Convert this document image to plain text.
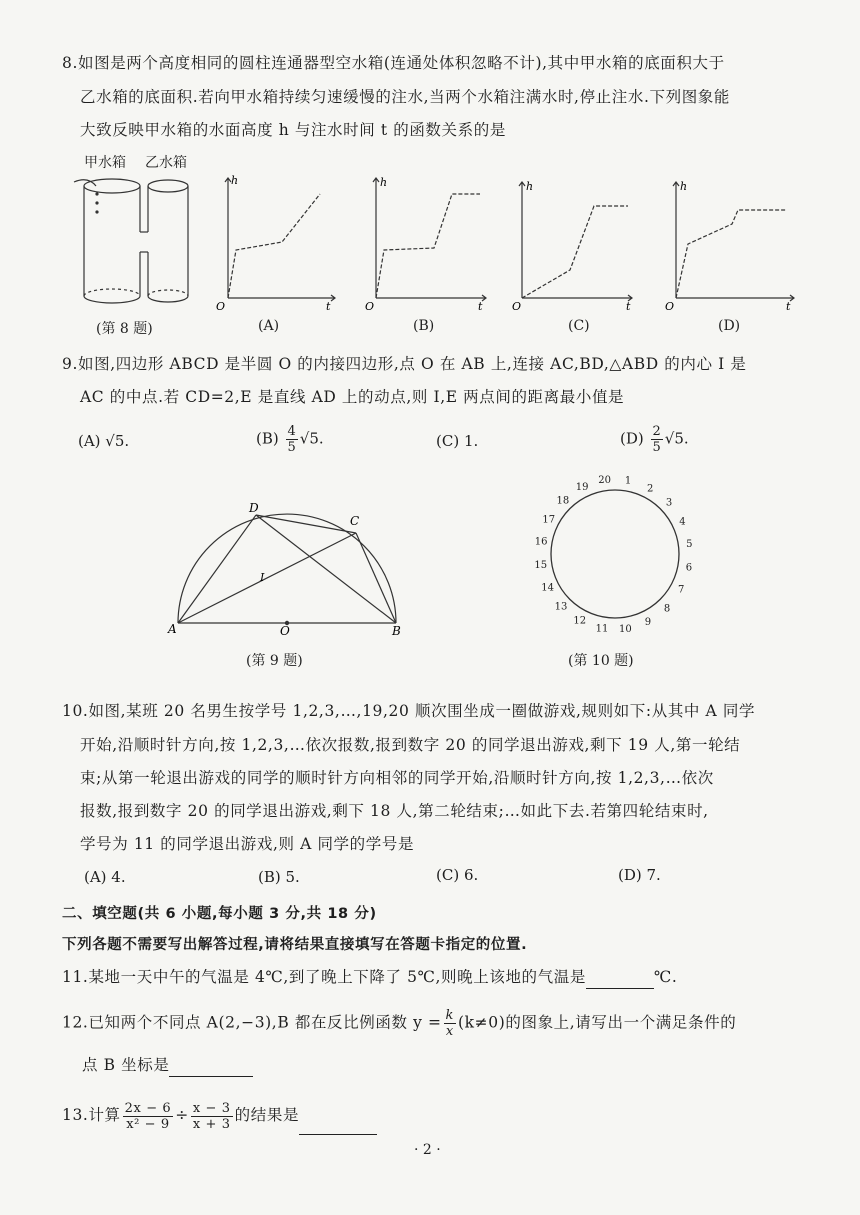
8.如图是两个高度相同的圆柱连通器型空水箱(连通处体积忽略不计),其中甲水箱的底面积大于
乙水箱的底面积.若向甲水箱持续匀速缓慢的注水,当两个水箱注满水时,停止注水.下列图象能
大致反映甲水箱的水面高度 h 与注水时间 t 的函数关系的是
甲水箱 乙水箱
(第 8 题)
h
t
O
(A)
h
t
O
(B)
h
t
O
(C)
h
t
O
(D)
9.如图,四边形 ABCD 是半圆 O 的内接四边形,点 O 在 AB 上,连接 AC,BD,△ABD 的内心 I 是
AC 的中点.若 CD=2,E 是直线 AD 上的动点,则 I,E 两点间的距离最小值是
(A) √5.	$(B) \frac{4}{5} √5$.	(C) 1.	$(D) \frac{2}{5} √5$.
A	B
C
D
O
I
(第 9 题)
1
2
3
4
5
6
7
8
9
10
11
12
13
14
15
16
17
18
19
20
(第 10 题)
10.如图,某班 20 名男生按学号 1,2,3,…,19,20 顺次围坐成一圈做游戏,规则如下:从其中 A 同学
开始,沿顺时针方向,按 1,2,3,…依次报数,报到数字 20 的同学退出游戏,剩下 19 人,第一轮结
束;从第一轮退出游戏的同学的顺时针方向相邻的同学开始,沿顺时针方向,按 1,2,3,…依次
报数,报到数字 20 的同学退出游戏,剩下 18 人,第二轮结束;…如此下去.若第四轮结束时,
学号为 11 的同学退出游戏,则 A 同学的学号是
(A) 4.	(B) 5.	(C) 6.	(D) 7.
二、填空题(共 6 小题,每小题 3 分,共 18 分)
下列各题不需要写出解答过程,请将结果直接填写在答题卡指定的位置.
11.某地一天中午的气温是 4℃,到了晚上下降了 5℃,则晚上该地的气温是	℃.
12.已知两个不同点 A(2,−3),B 都在反比例函数 $y = \frac{k}{x} (k\ne 0)$的图象上,请写出一个满足条件的
点 B 坐标是
13.计算 $\frac{2x - 6}{\text{x² − 9}} \div \frac{x - 3}{x + 3}$ 的结果是
· 2 ·
